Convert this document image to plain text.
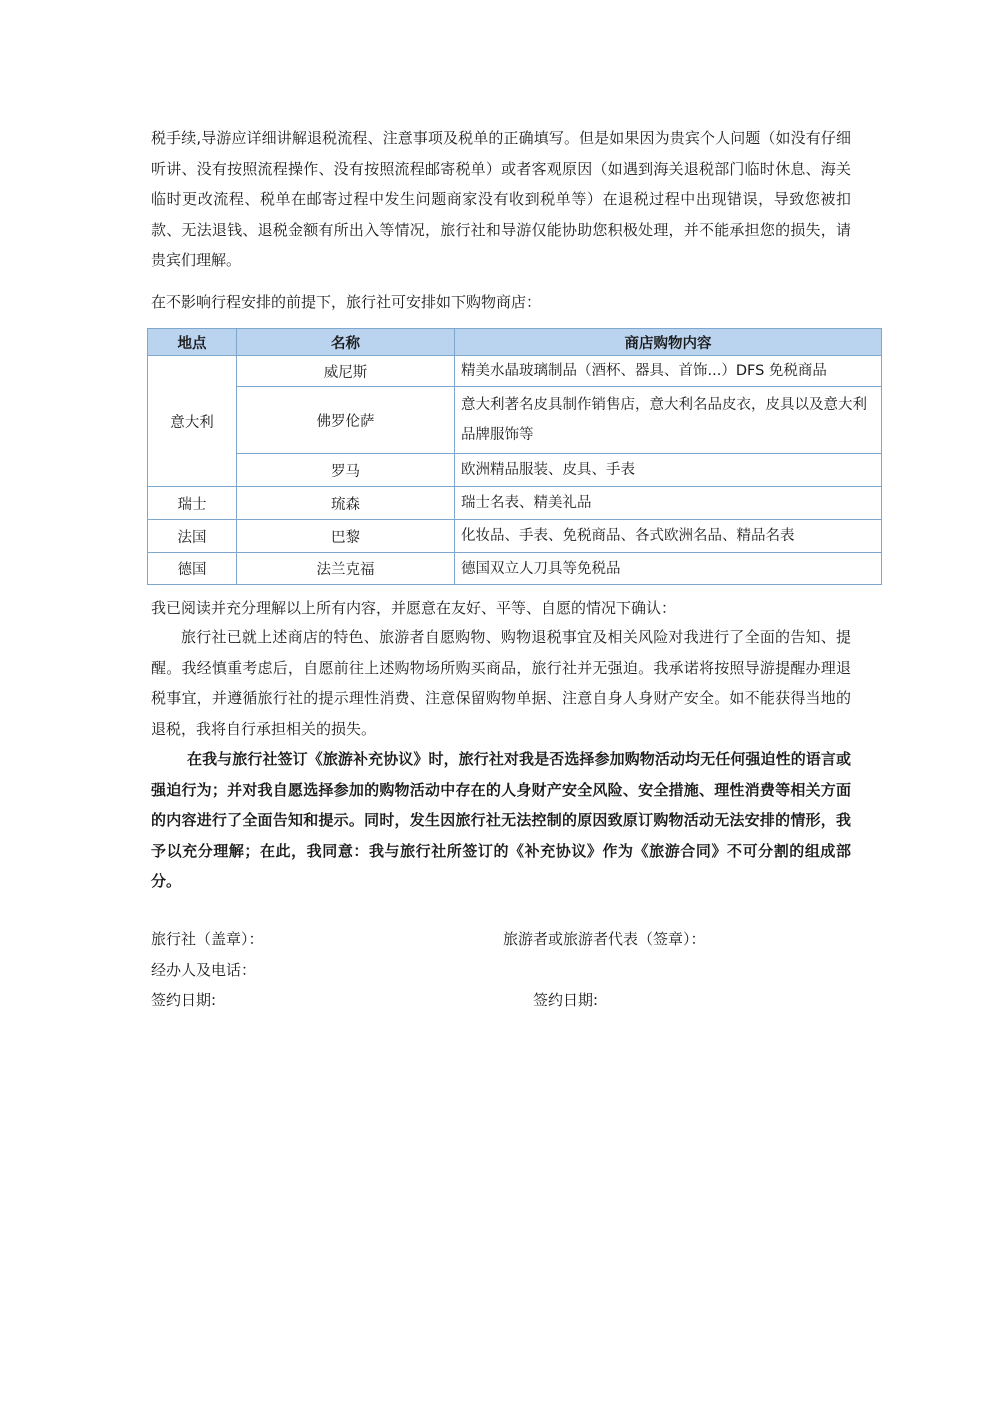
税手续,导游应详细讲解退税流程、注意事项及税单的正确填写。但是如果因为贵宾个人问题（如没有仔细听讲、没有按照流程操作、没有按照流程邮寄税单）或者客观原因（如遇到海关退税部门临时休息、海关临时更改流程、税单在邮寄过程中发生问题商家没有收到税单等）在退税过程中出现错误，导致您被扣款、无法退钱、退税金额有所出入等情况，旅行社和导游仅能协助您积极处理，并不能承担您的损失，请贵宾们理解。

在不影响行程安排的前提下，旅行社可安排如下购物商店：

地点	名称	商店购物内容
意大利	威尼斯	精美水晶玻璃制品（酒杯、器具、首饰...）DFS 免税商品
	佛罗伦萨	意大利著名皮具制作销售店，意大利名品皮衣，皮具以及意大利品牌服饰等
	罗马	欧洲精品服装、皮具、手表
瑞士	琉森	瑞士名表、精美礼品
法国	巴黎	化妆品、手表、免税商品、各式欧洲名品、精品名表
德国	法兰克福	德国双立人刀具等免税品

我已阅读并充分理解以上所有内容，并愿意在友好、平等、自愿的情况下确认：

旅行社已就上述商店的特色、旅游者自愿购物、购物退税事宜及相关风险对我进行了全面的告知、提醒。我经慎重考虑后，自愿前往上述购物场所购买商品，旅行社并无强迫。我承诺将按照导游提醒办理退税事宜，并遵循旅行社的提示理性消费、注意保留购物单据、注意自身人身财产安全。如不能获得当地的退税，我将自行承担相关的损失。

在我与旅行社签订《旅游补充协议》时，旅行社对我是否选择参加购物活动均无任何强迫性的语言或强迫行为；并对我自愿选择参加的购物活动中存在的人身财产安全风险、安全措施、理性消费等相关方面的内容进行了全面告知和提示。同时，发生因旅行社无法控制的原因致原订购物活动无法安排的情形，我予以充分理解；在此，我同意：我与旅行社所签订的《补充协议》作为《旅游合同》不可分割的组成部分。

旅行社（盖章）：	旅游者或旅游者代表（签章）：

经办人及电话：

签约日期:	签约日期:
